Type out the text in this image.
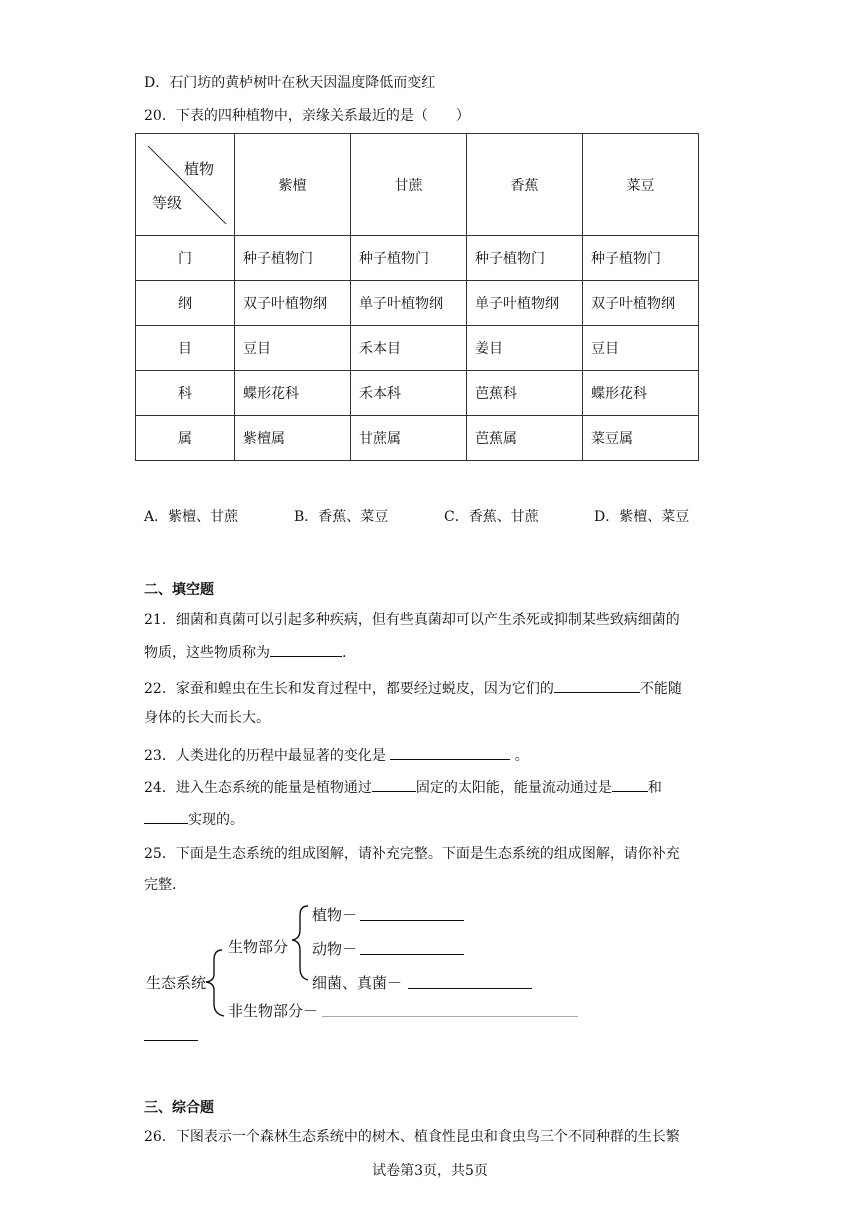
D．石门坊的黄栌树叶在秋天因温度降低而变红
20．下表的四种植物中，亲缘关系最近的是（　　）
植物
等级	紫檀	甘蔗	香蕉	菜豆
门	种子植物门	种子植物门	种子植物门	种子植物门
纲	双子叶植物纲	单子叶植物纲	单子叶植物纲	双子叶植物纲
目	豆目	禾本目	姜目	豆目
科	蝶形花科	禾本科	芭蕉科	蝶形花科
属	紫檀属	甘蔗属	芭蕉属	菜豆属
A．紫檀、甘蔗	B．香蕉、菜豆	C．香蕉、甘蔗	D．紫檀、菜豆
二、填空题
21．细菌和真菌可以引起多种疾病，但有些真菌却可以产生杀死或抑制某些致病细菌的
物质，这些物质称为	.
22．家蚕和蝗虫在生长和发育过程中，都要经过蜕皮，因为它们的	不能随
身体的长大而长大。
23．人类进化的历程中最显著的变化是	。
24．进入生态系统的能量是植物通过	固定的太阳能，能量流动通过是	和
实现的。
25．下面是生态系统的组成图解，请补充完整。下面是生态系统的组成图解，请你补充
完整.
生态系统
生物部分
植物－
动物－
细菌、真菌－
非生物部分－
三、综合题
26．下图表示一个森林生态系统中的树木、植食性昆虫和食虫鸟三个不同种群的生长繁
试卷第3页，共5页
